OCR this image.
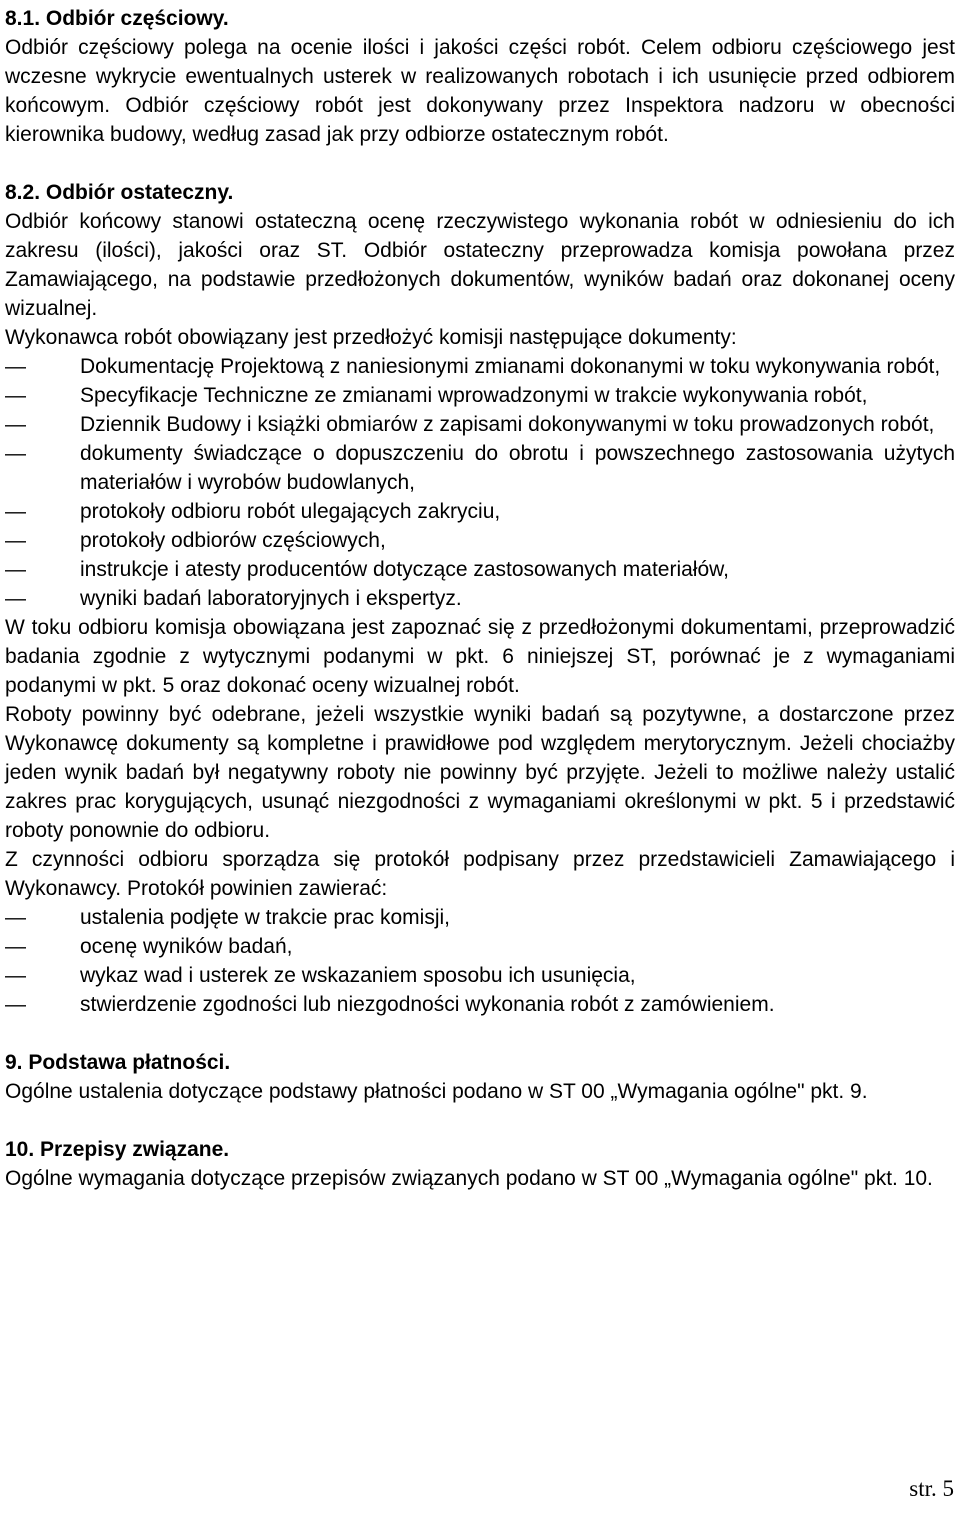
8.1. Odbiór częściowy.

Odbiór częściowy polega na ocenie ilości i jakości części robót. Celem odbioru częściowego jest wczesne wykrycie ewentualnych usterek w realizowanych robotach i ich usunięcie przed odbiorem końcowym. Odbiór częściowy robót jest dokonywany przez Inspektora nadzoru w obecności kierownika budowy, według zasad jak przy odbiorze ostatecznym robót.

8.2. Odbiór ostateczny.

Odbiór końcowy stanowi ostateczną ocenę rzeczywistego wykonania robót w odniesieniu do ich zakresu (ilości), jakości oraz ST. Odbiór ostateczny przeprowadza komisja powołana przez Zamawiającego, na podstawie przedłożonych dokumentów, wyników badań oraz dokonanej oceny wizualnej.

Wykonawca robót obowiązany jest przedłożyć komisji następujące dokumenty:

—	Dokumentację Projektową z naniesionymi zmianami dokonanymi w toku wykonywania robót,
—	Specyfikacje Techniczne ze zmianami wprowadzonymi w trakcie wykonywania robót,
—	Dziennik Budowy i książki obmiarów z zapisami dokonywanymi w toku prowadzonych robót,
—	dokumenty świadczące o dopuszczeniu do obrotu i powszechnego zastosowania użytych materiałów i wyrobów budowlanych,
—	protokoły odbioru robót ulegających zakryciu,
—	protokoły odbiorów częściowych,
—	instrukcje i atesty producentów dotyczące zastosowanych materiałów,
—	wyniki badań laboratoryjnych i ekspertyz.

W toku odbioru komisja obowiązana jest zapoznać się z przedłożonymi dokumentami, przeprowadzić badania zgodnie z wytycznymi podanymi w pkt. 6 niniejszej ST, porównać je z wymaganiami podanymi w pkt. 5 oraz dokonać oceny wizualnej robót.

Roboty powinny być odebrane, jeżeli wszystkie wyniki badań są pozytywne, a dostarczone przez Wykonawcę dokumenty są kompletne i prawidłowe pod względem merytorycznym. Jeżeli chociażby jeden wynik badań był negatywny roboty nie powinny być przyjęte. Jeżeli to możliwe należy ustalić zakres prac korygujących, usunąć niezgodności z wymaganiami określonymi w pkt. 5 i przedstawić roboty ponownie do odbioru.

Z czynności odbioru sporządza się protokół podpisany przez przedstawicieli Zamawiającego i Wykonawcy. Protokół powinien zawierać:

—	ustalenia podjęte w trakcie prac komisji,
—	ocenę wyników badań,
—	wykaz wad i usterek ze wskazaniem sposobu ich usunięcia,
—	stwierdzenie zgodności lub niezgodności wykonania robót z zamówieniem.
9. Podstawa płatności.

Ogólne ustalenia dotyczące podstawy płatności podano w ST 00 „Wymagania ogólne" pkt. 9.

10. Przepisy związane.

Ogólne wymagania dotyczące przepisów związanych podano w ST 00 „Wymagania ogólne" pkt. 10.

str. 5
